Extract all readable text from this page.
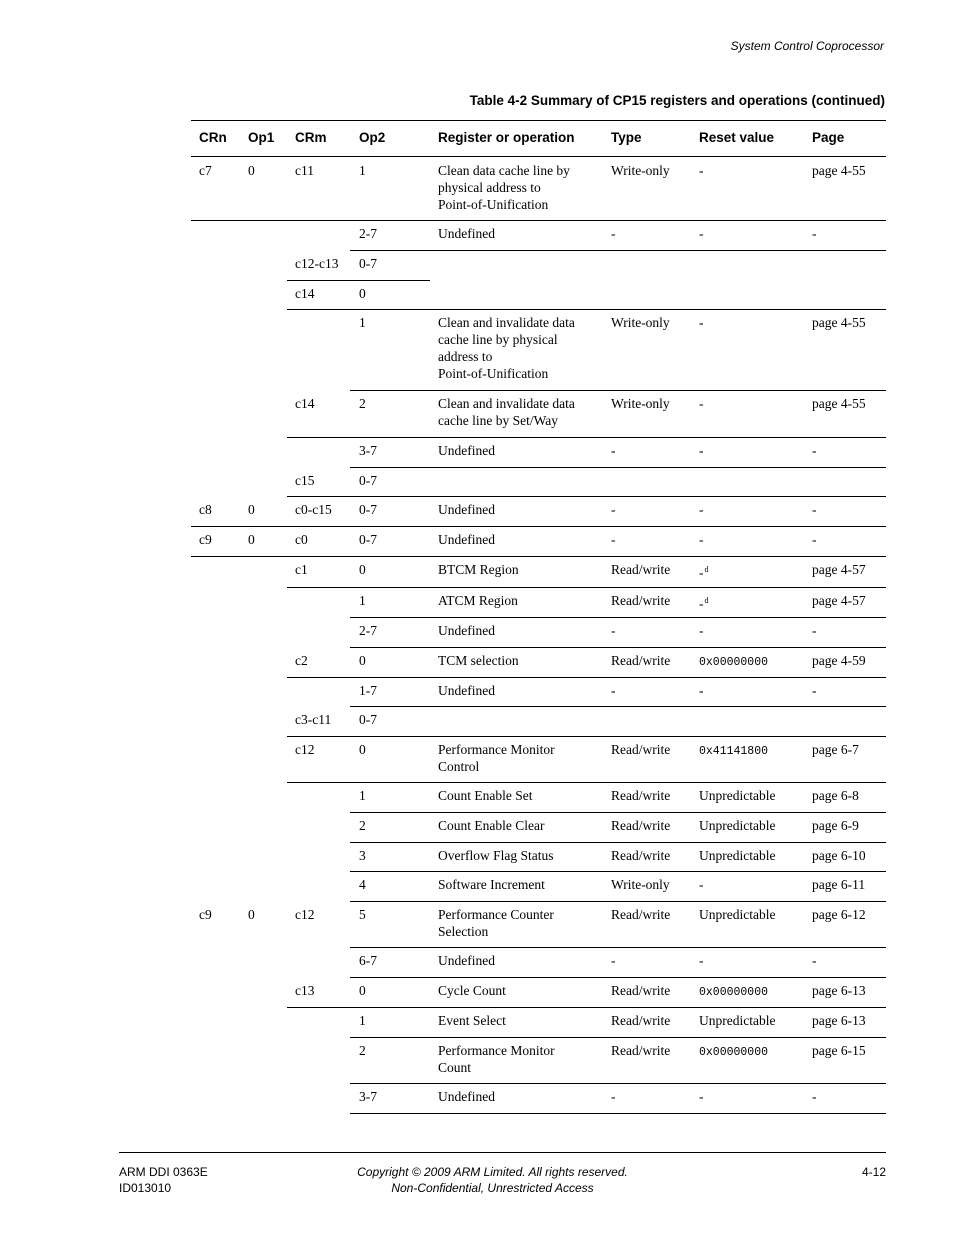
System Control Coprocessor
Table 4-2 Summary of CP15 registers and operations (continued)
CRn Op1 CRm Op2	Register or operation	Type	Reset value	Page
c7	0	c11	1	Clean data cache line by
physical address to
Point-of-Unification
Write-only -	page 4-55
2-7	Undefined	-	-	-
c12-c13 0-7
c14	0
1	Clean and invalidate data
cache line by physical
address to
Point-of-Unification
Write-only -	page 4-55
c14	2	Clean and invalidate data
cache line by Set/Way
Write-only -	page 4-55
3-7	Undefined	-	-	-
c15	0-7
c8	0	c0-c15 0-7	Undefined	-	-	-
c9	0	c0	0-7	Undefined	-	-	-
c1	0	BTCM Region	Read/write -$^d$	page 4-57
1	ATCM Region	Read/write -$^d$	page 4-57
2-7	Undefined	-	-	-
c2	0	TCM selection	Read/write	0x00000000	page 4-59
1-7	Undefined	-	-	-
c3-c11 0-7
c12	0	Performance Monitor
Control
Read/write	0x41141800	page 6-7
1	Count Enable Set	Read/write Unpredictable	page 6-8
2	Count Enable Clear	Read/write Unpredictable	page 6-9
3	Overflow Flag Status	Read/write Unpredictable	page 6-10
4	Software Increment	Write-only -	page 6-11
c9	0	c12	5	Performance Counter
Selection
Read/write Unpredictable	page 6-12
6-7	Undefined	-	-	-
c13	0	Cycle Count	Read/write	0x00000000	page 6-13
1	Event Select	Read/write Unpredictable	page 6-13
2	Performance Monitor
Count
Read/write	0x00000000	page 6-15
3-7	Undefined	-	-	-
ARM DDI 0363E
ID013010
Copyright © 2009 ARM Limited. All rights reserved.
Non-Confidential, Unrestricted Access
4-12
